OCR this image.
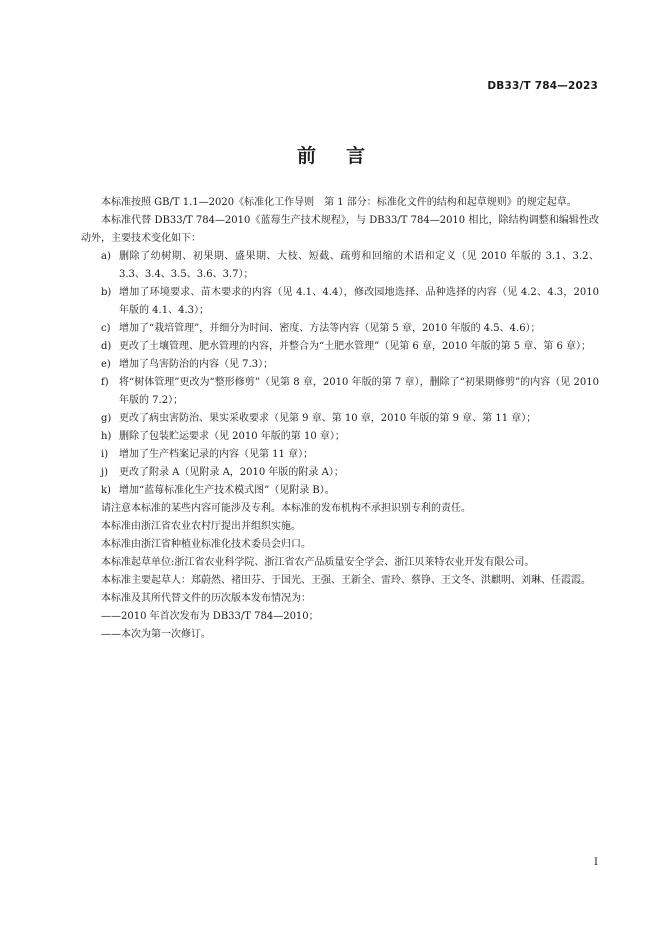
DB33/T 784—2023
前言

本标准按照 GB/T 1.1—2020《标准化工作导则　第 1 部分：标准化文件的结构和起草规则》的规定起草。

本标准代替 DB33/T 784—2010《蓝莓生产技术规程》，与 DB33/T 784—2010 相比，除结构调整和编辑性改动外，主要技术变化如下：

a) 删除了幼树期、初果期、盛果期、大枝、短截、疏剪和回缩的术语和定义（见 2010 年版的 3.1、3.2、3.3、3.4、3.5、3.6、3.7）；
b) 增加了环境要求、苗木要求的内容（见 4.1、4.4），修改园地选择、品种选择的内容（见 4.2、4.3，2010 年版的 4.1、4.3）；
c) 增加了“栽培管理”，并细分为时间、密度、方法等内容（见第 5 章，2010 年版的 4.5、4.6）；
d) 更改了土壤管理、肥水管理的内容，并整合为“土肥水管理”（见第 6 章，2010 年版的第 5 章、第 6 章）；
e) 增加了鸟害防治的内容（见 7.3）；
f)	将“树体管理”更改为“整形修剪”（见第 8 章，2010 年版的第 7 章），删除了“初果期修剪”的内容（见 2010 年版的 7.2）；
g) 更改了病虫害防治、果实采收要求（见第 9 章、第 10 章，2010 年版的第 9 章、第 11 章）；
h) 删除了包装贮运要求（见 2010 年版的第 10 章）；
i)	增加了生产档案记录的内容（见第 11 章）；
j)	更改了附录 A（见附录 A，2010 年版的附录 A）；
k) 增加“蓝莓标准化生产技术模式图”（见附录 B）。

请注意本标准的某些内容可能涉及专利。本标准的发布机构不承担识别专利的责任。

本标准由浙江省农业农村厅提出并组织实施。

本标准由浙江省种植业标准化技术委员会归口。

本标准起草单位:浙江省农业科学院、浙江省农产品质量安全学会、浙江贝莱特农业开发有限公司。

本标准主要起草人：郑蔚然、褚田芬、于国光、王强、王新全、雷玲、蔡铮、王文冬、洪麒明、刘琳、任霞霞。

本标准及其所代替文件的历次版本发布情况为：

——2010 年首次发布为 DB33/T 784—2010；

——本次为第一次修订。

I
